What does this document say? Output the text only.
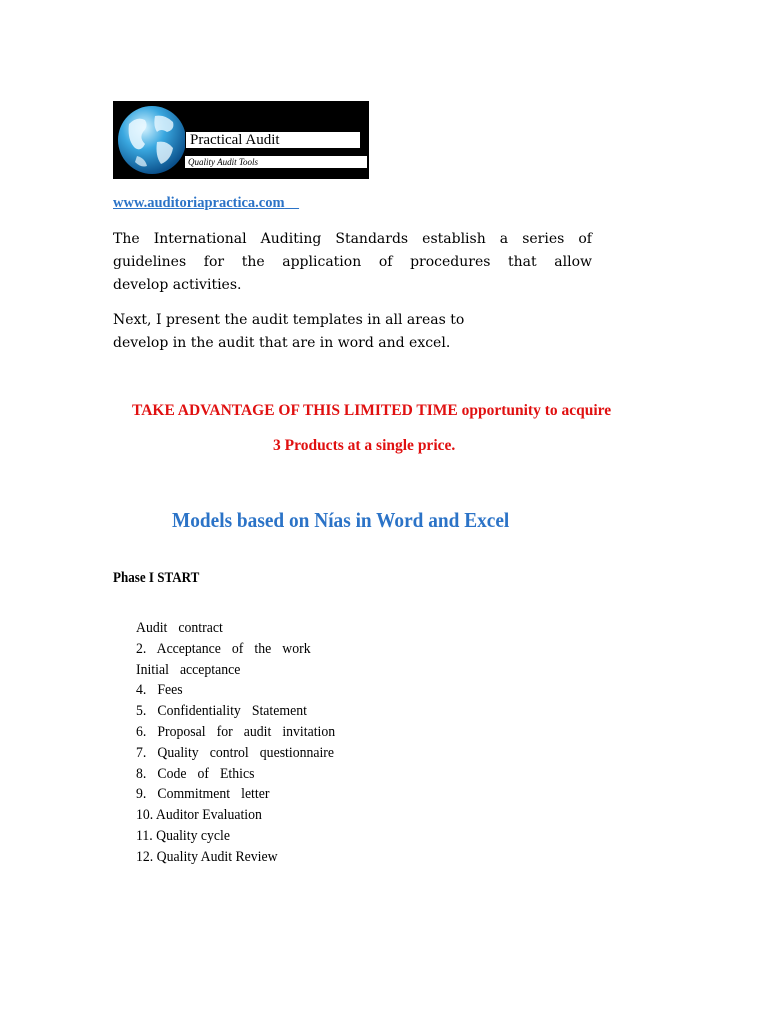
Practical Audit
Quality Audit Tools
www.auditoriapractica.com
The International Auditing Standards establish a series of
guidelines for the application of procedures that allow
develop activities.
Next, I present the audit templates in all areas to
develop in the audit that are in word and excel.
TAKE ADVANTAGE OF THIS LIMITED TIME opportunity to acquire
3 Products at a single price.
Models based on Nías in Word and Excel
Phase I START
Audit contract
2. Acceptance of the work
Initial acceptance
4. Fees
5. Confidentiality Statement
6. Proposal for audit invitation
7. Quality control questionnaire
8. Code of Ethics
9. Commitment letter
10. Auditor Evaluation
11. Quality cycle
12. Quality Audit Review
